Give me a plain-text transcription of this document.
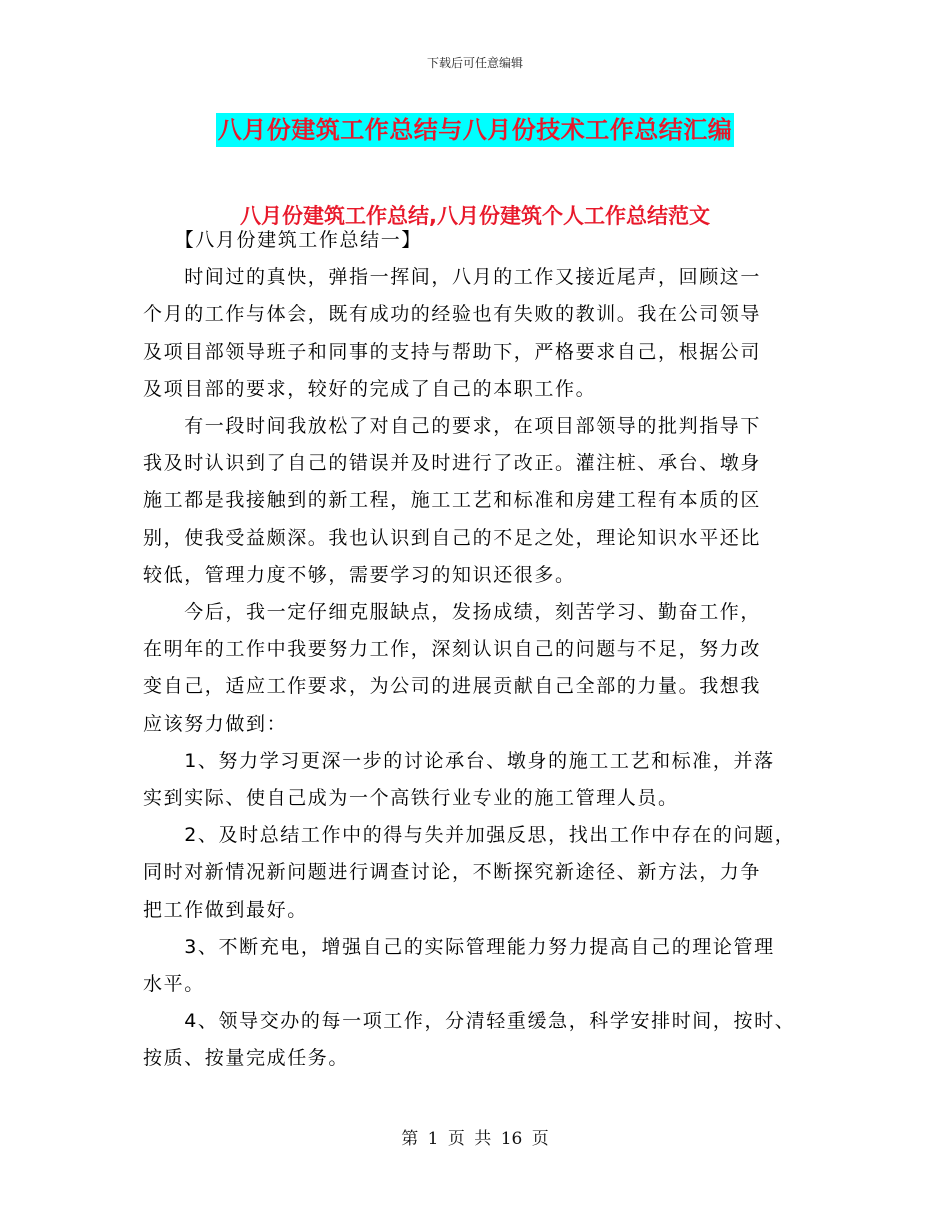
下载后可任意编辑
八月份建筑工作总结与八月份技术工作总结汇编
八月份建筑工作总结,八月份建筑个人工作总结范文

　　【八月份建筑工作总结一】

　　时间过的真快，弹指一挥间，八月的工作又接近尾声，回顾这一

个月的工作与体会，既有成功的经验也有失败的教训。我在公司领导

及项目部领导班子和同事的支持与帮助下，严格要求自己，根据公司

及项目部的要求，较好的完成了自己的本职工作。

　　有一段时间我放松了对自己的要求，在项目部领导的批判指导下

我及时认识到了自己的错误并及时进行了改正。灌注桩、承台、墩身

施工都是我接触到的新工程，施工工艺和标准和房建工程有本质的区

别，使我受益颇深。我也认识到自己的不足之处，理论知识水平还比

较低，管理力度不够，需要学习的知识还很多。

　　今后，我一定仔细克服缺点，发扬成绩，刻苦学习、勤奋工作，

在明年的工作中我要努力工作，深刻认识自己的问题与不足，努力改

变自己，适应工作要求，为公司的进展贡献自己全部的力量。我想我

应该努力做到：

　　1、努力学习更深一步的讨论承台、墩身的施工工艺和标准，并落

实到实际、使自己成为一个高铁行业专业的施工管理人员。

　　2、及时总结工作中的得与失并加强反思，找出工作中存在的问题，

同时对新情况新问题进行调查讨论，不断探究新途径、新方法，力争

把工作做到最好。

　　3、不断充电，增强自己的实际管理能力努力提高自己的理论管理

水平。

　　4、领导交办的每一项工作，分清轻重缓急，科学安排时间，按时、

按质、按量完成任务。

第 1 页 共 16 页
